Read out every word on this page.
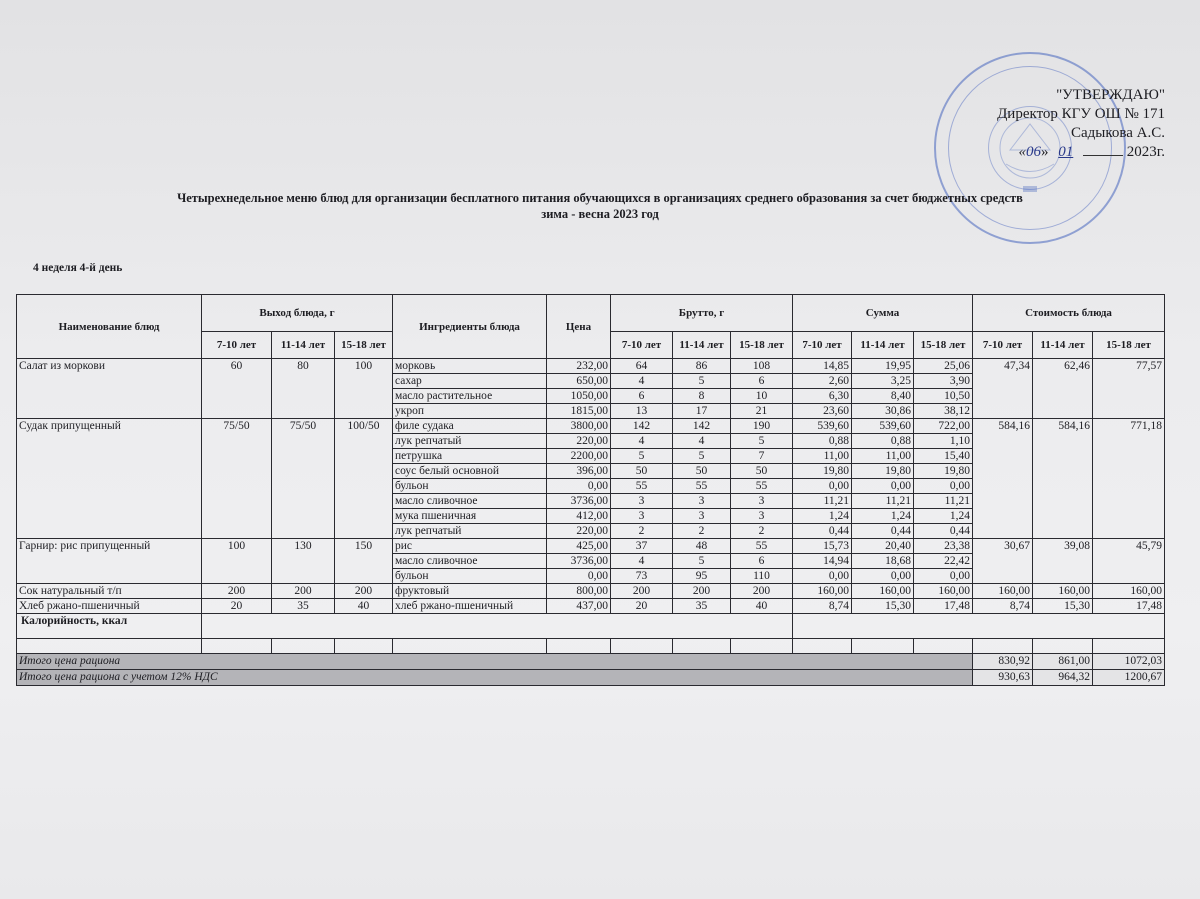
"УТВЕРЖДАЮ"
Директор КГУ ОШ № 171
Садыкова А.С.
«06» 01	2023г.
Четырехнедельное меню блюд для организации бесплатного питания обучающихся в организациях среднего образования за счет бюджетных средств
зима - весна 2023 год
4 неделя 4-й день
Наименование блюд	Выход блюда, г			Ингредиенты блюда	Цена	Брутто, г			Сумма			Стоимость блюда		
	7-10 лет	11-14 лет	15-18 лет			7-10 лет	11-14 лет	15-18 лет	7-10 лет	11-14 лет	15-18 лет	7-10 лет	11-14 лет	15-18 лет
Салат из моркови	60	80	100	морковь	232,00	64	86	108	14,85	19,95	25,06	47,34	62,46	77,57
				сахар	650,00	4	5	6	2,60	3,25	3,90			
				масло растительное	1050,00	6	8	10	6,30	8,40	10,50			
				укроп	1815,00	13	17	21	23,60	30,86	38,12			
Судак припущенный	75/50	75/50	100/50	филе судака	3800,00	142	142	190	539,60	539,60	722,00	584,16	584,16	771,18
				лук репчатый	220,00	4	4	5	0,88	0,88	1,10			
				петрушка	2200,00	5	5	7	11,00	11,00	15,40			
				соус белый основной	396,00	50	50	50	19,80	19,80	19,80			
				бульон	0,00	55	55	55	0,00	0,00	0,00			
				масло сливочное	3736,00	3	3	3	11,21	11,21	11,21			
				мука пшеничная	412,00	3	3	3	1,24	1,24	1,24			
				лук репчатый	220,00	2	2	2	0,44	0,44	0,44			
Гарнир: рис припущенный	100	130	150	рис	425,00	37	48	55	15,73	20,40	23,38	30,67	39,08	45,79
				масло сливочное	3736,00	4	5	6	14,94	18,68	22,42			
				бульон	0,00	73	95	110	0,00	0,00	0,00			
Сок натуральный т/п	200	200	200	фруктовый	800,00	200	200	200	160,00	160,00	160,00	160,00	160,00	160,00
Хлеб ржано-пшеничный	20	35	40	хлеб ржано-пшеничный	437,00	20	35	40	8,74	15,30	17,48	8,74	15,30	17,48
Калорийность, ккал														

Итого цена рациона												830,92	861,00	1072,03
Итого цена рациона с учетом 12% НДС												930,63	964,32	1200,67
